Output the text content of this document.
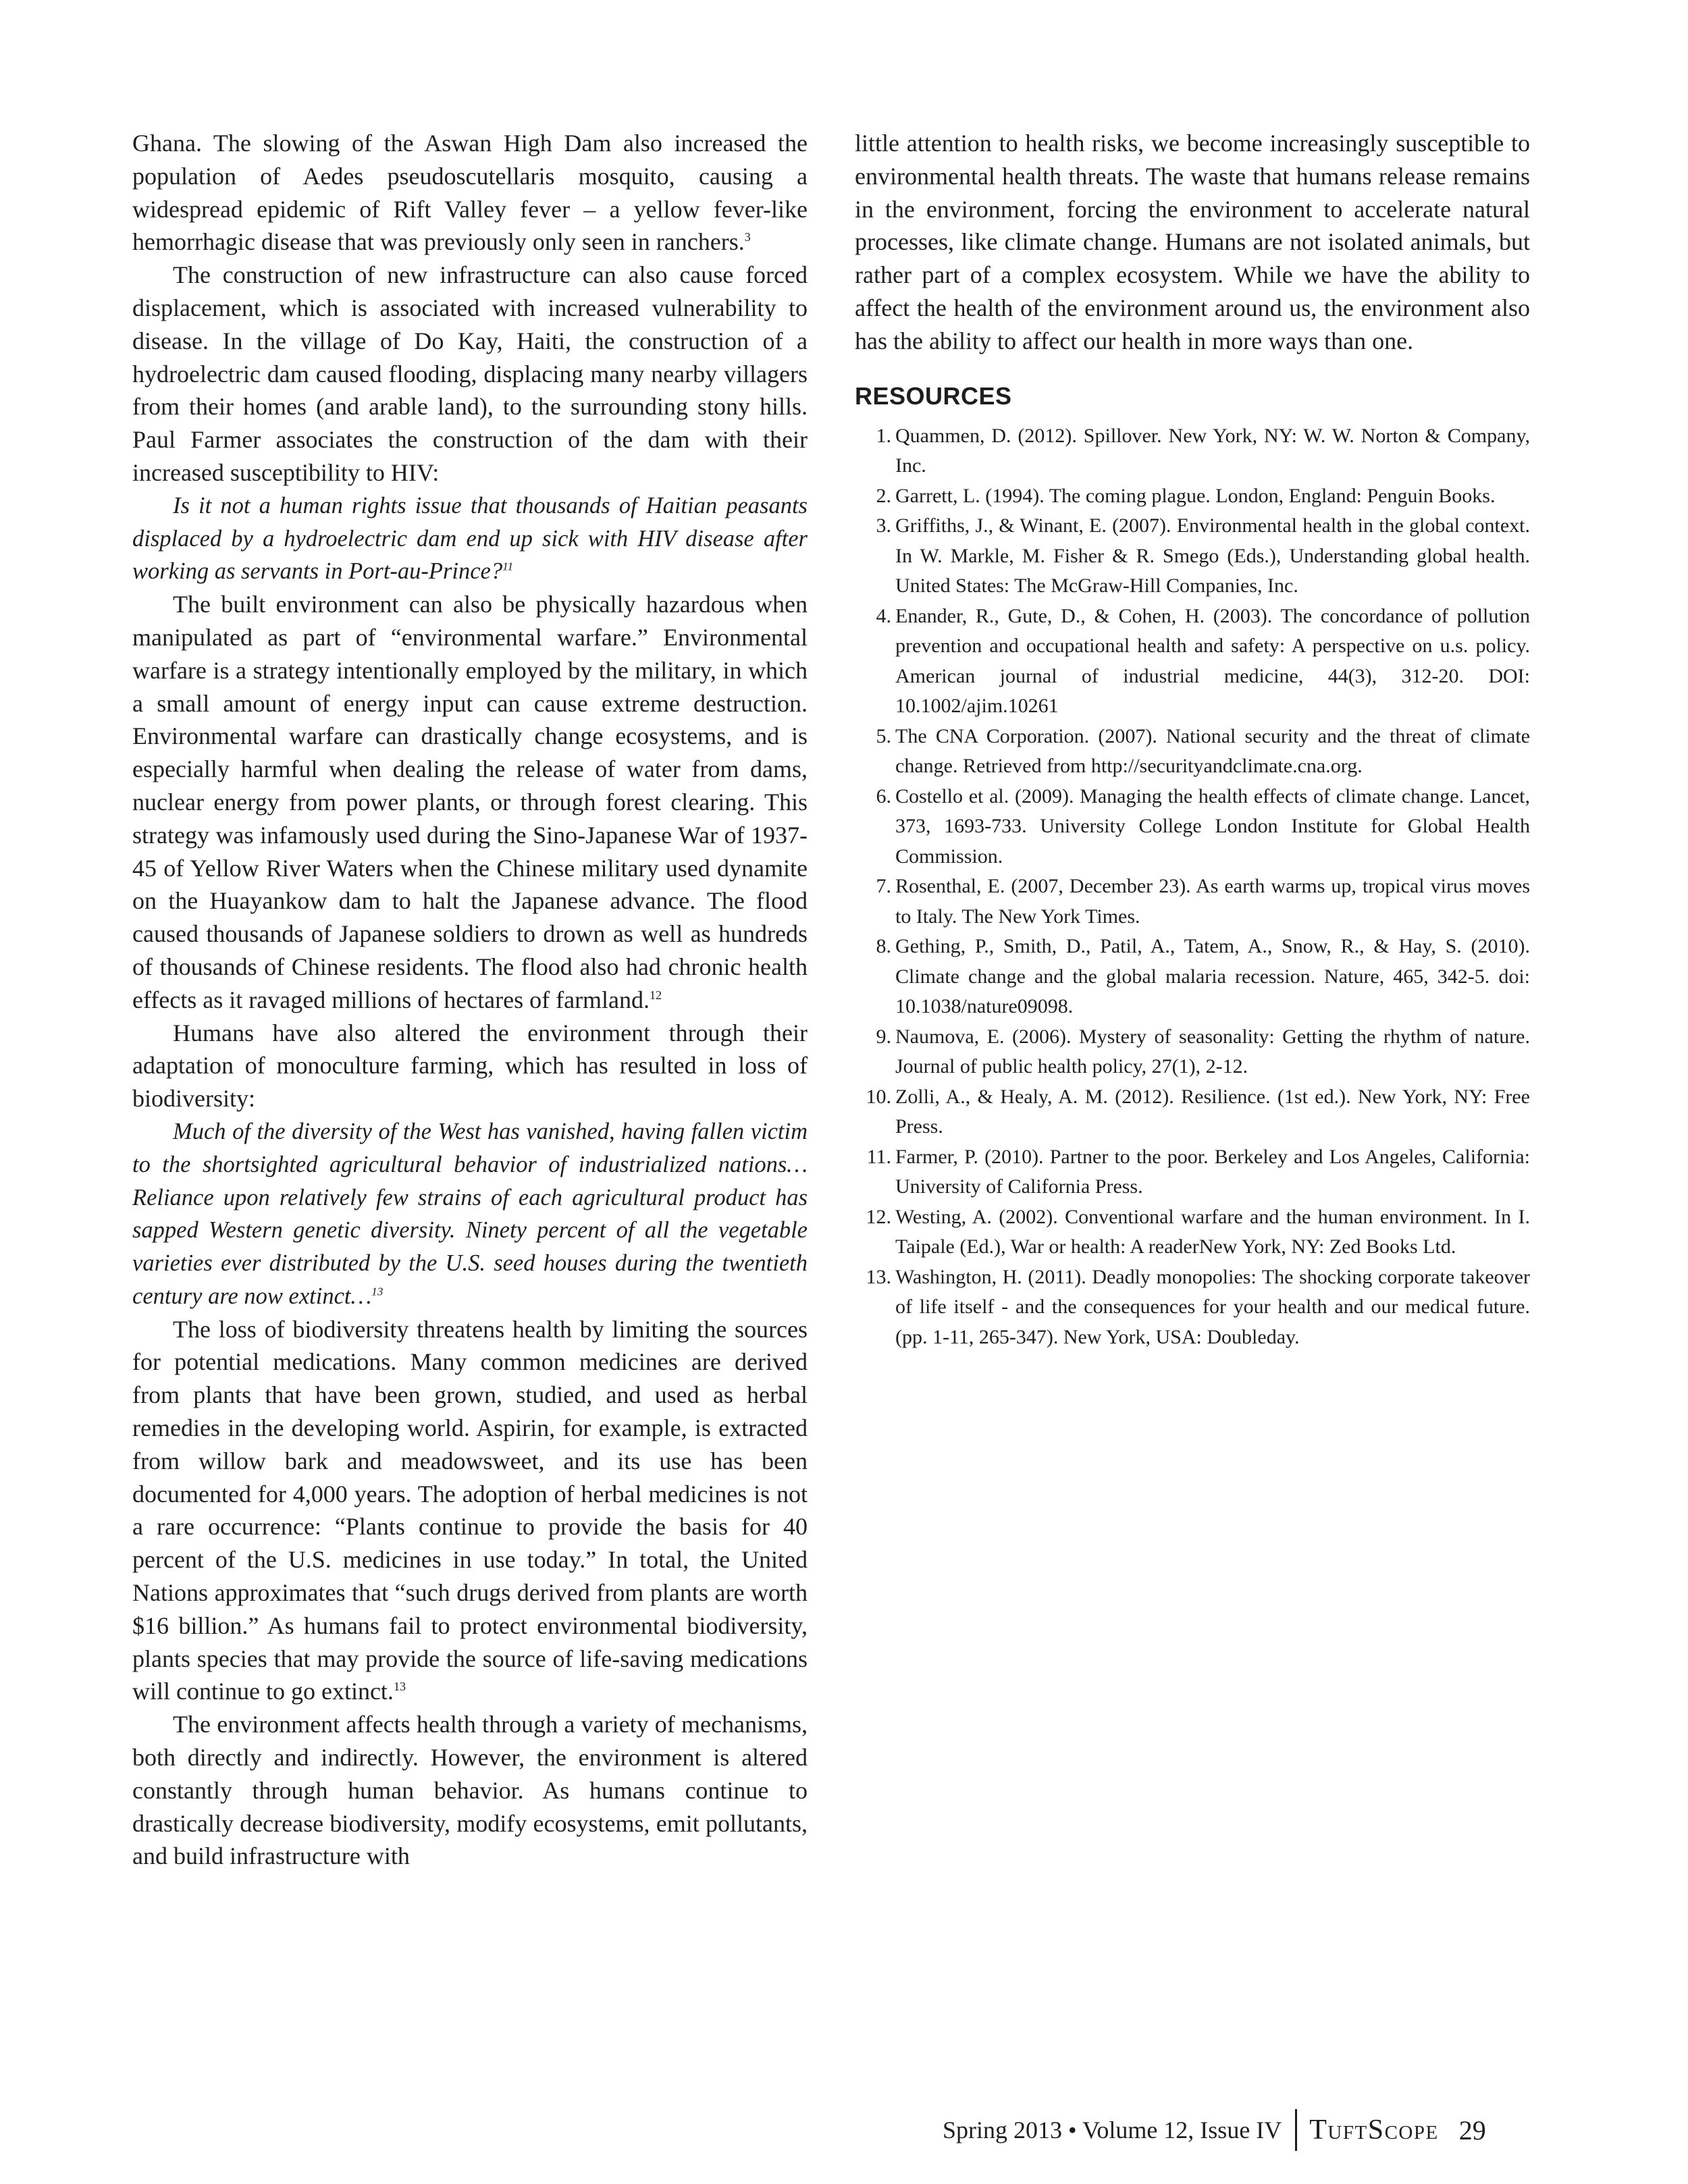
Ghana. The slowing of the Aswan High Dam also increased the population of Aedes pseudoscutellaris mosquito, causing a widespread epidemic of Rift Valley fever – a yellow fever-like hemorrhagic disease that was previously only seen in ranchers.$^3$

The construction of new infrastructure can also cause forced displacement, which is associated with increased vulnerability to disease. In the village of Do Kay, Haiti, the construction of a hydroelectric dam caused flooding, displacing many nearby villagers from their homes (and arable land), to the surrounding stony hills. Paul Farmer associates the construction of the dam with their increased susceptibility to HIV:

Is it not a human rights issue that thousands of Haitian peasants displaced by a hydroelectric dam end up sick with HIV disease after working as servants in Port-au-Prince?$^{11}$

The built environment can also be physically hazardous when manipulated as part of “environmental warfare.” Environmental warfare is a strategy intentionally employed by the military, in which a small amount of energy input can cause extreme destruction. Environmental warfare can drastically change ecosystems, and is especially harmful when dealing the release of water from dams, nuclear energy from power plants, or through forest clearing. This strategy was infamously used during the Sino-Japanese War of 1937-45 of Yellow River Waters when the Chinese military used dynamite on the Huayankow dam to halt the Japanese advance. The flood caused thousands of Japanese soldiers to drown as well as hundreds of thousands of Chinese residents. The flood also had chronic health effects as it ravaged millions of hectares of farmland.$^{12}$

Humans have also altered the environment through their adaptation of monoculture farming, which has resulted in loss of biodiversity:

Much of the diversity of the West has vanished, having fallen victim to the shortsighted agricultural behavior of industrialized nations… Reliance upon relatively few strains of each agricultural product has sapped Western genetic diversity. Ninety percent of all the vegetable varieties ever distributed by the U.S. seed houses during the twentieth century are now extinct…$^{13}$

The loss of biodiversity threatens health by limiting the sources for potential medications. Many common medicines are derived from plants that have been grown, studied, and used as herbal remedies in the developing world. Aspirin, for example, is extracted from willow bark and meadowsweet, and its use has been documented for 4,000 years. The adoption of herbal medicines is not a rare occurrence: “Plants continue to provide the basis for 40 percent of the U.S. medicines in use today.” In total, the United Nations approximates that “such drugs derived from plants are worth $16 billion.” As humans fail to protect environmental biodiversity, plants species that may provide the source of life-saving medications will continue to go extinct.$^{13}$

The environment affects health through a variety of mechanisms, both directly and indirectly. However, the environment is altered constantly through human behavior. As humans continue to drastically decrease biodiversity, modify ecosystems, emit pollutants, and build infrastructure with

little attention to health risks, we become increasingly susceptible to environmental health threats. The waste that humans release remains in the environment, forcing the environment to accelerate natural processes, like climate change. Humans are not isolated animals, but rather part of a complex ecosystem. While we have the ability to affect the health of the environment around us, the environment also has the ability to affect our health in more ways than one.

RESOURCES
1. Quammen, D. (2012). Spillover. New York, NY: W. W. Norton & Company, Inc.
2. Garrett, L. (1994). The coming plague. London, England: Penguin Books.
3. Griffiths, J., & Winant, E. (2007). Environmental health in the global context. In W. Markle, M. Fisher & R. Smego (Eds.), Understanding global health. United States: The McGraw-Hill Companies, Inc.
4. Enander, R., Gute, D., & Cohen, H. (2003). The concordance of pollution prevention and occupational health and safety: A perspective on u.s. policy. American journal of industrial medicine, 44(3), 312-20. DOI: 10.1002/ajim.10261
5. The CNA Corporation. (2007). National security and the threat of climate change. Retrieved from http://securityandclimate.cna.org.
6. Costello et al. (2009). Managing the health effects of climate change. Lancet, 373, 1693-733. University College London Institute for Global Health Commission.
7. Rosenthal, E. (2007, December 23). As earth warms up, tropical virus moves to Italy. The New York Times.
8. Gething, P., Smith, D., Patil, A., Tatem, A., Snow, R., & Hay, S. (2010). Climate change and the global malaria recession. Nature, 465, 342-5. doi: 10.1038/nature09098.
9. Naumova, E. (2006). Mystery of seasonality: Getting the rhythm of nature. Journal of public health policy, 27(1), 2-12.
10. Zolli, A., & Healy, A. M. (2012). Resilience. (1st ed.). New York, NY: Free Press.
11. Farmer, P. (2010). Partner to the poor. Berkeley and Los Angeles, California: University of California Press.
12. Westing, A. (2002). Conventional warfare and the human environment. In I. Taipale (Ed.), War or health: A readerNew York, NY: Zed Books Ltd.
13. Washington, H. (2011). Deadly monopolies: The shocking corporate takeover of life itself - and the consequences for your health and our medical future. (pp. 1-11, 265-347). New York, USA: Doubleday.
Spring 2013 • Volume 12, Issue IV TuftScope 29
